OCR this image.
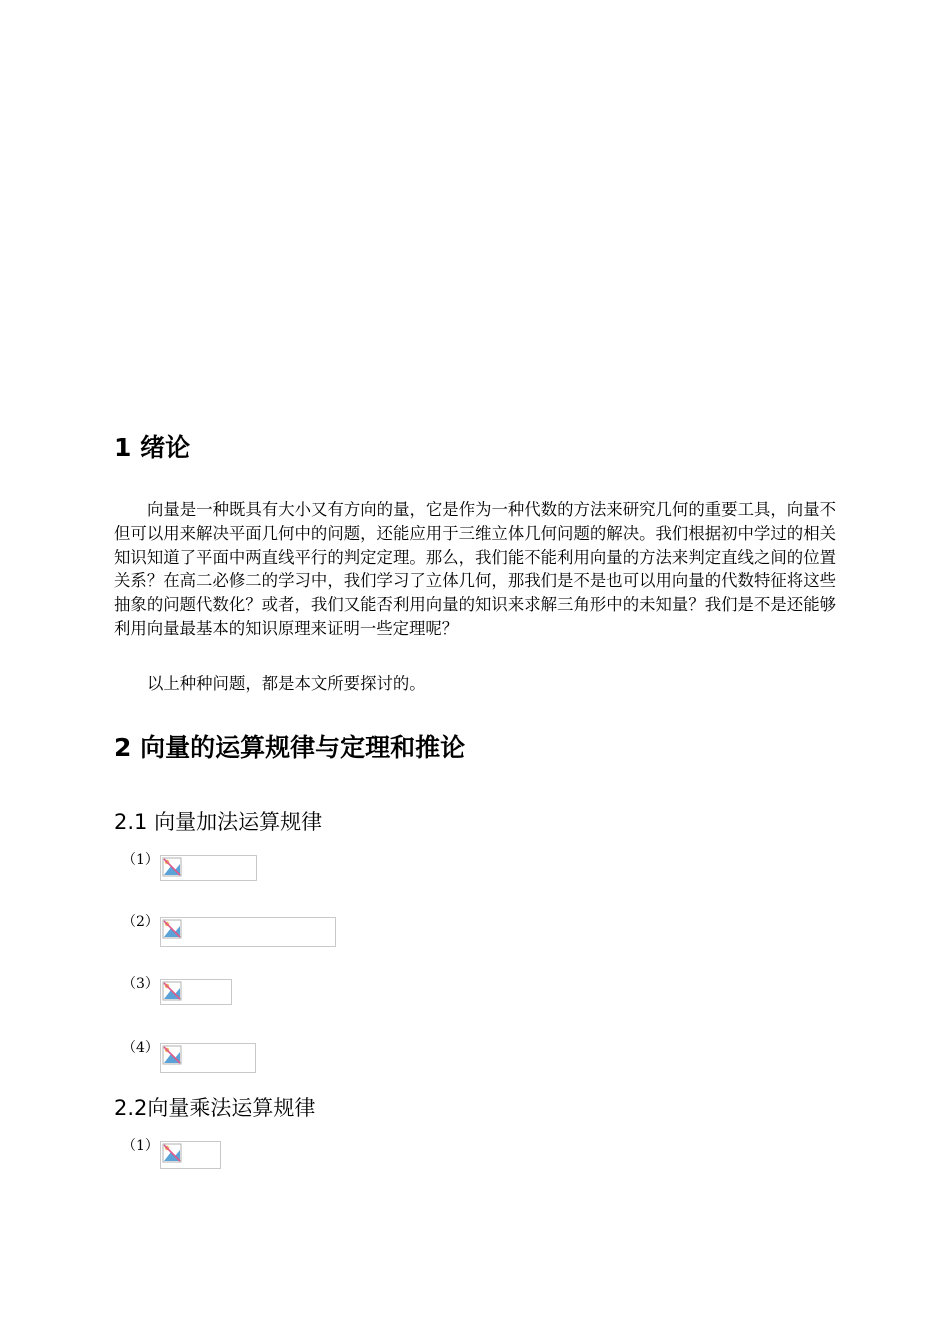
1 绪论

向量是一种既具有大小又有方向的量，它是作为一种代数的方法来研究几何的重要工具，向量不但可以用来解决平面几何中的问题，还能应用于三维立体几何问题的解决。我们根据初中学过的相关知识知道了平面中两直线平行的判定定理。那么，我们能不能利用向量的方法来判定直线之间的位置关系？在高二必修二的学习中，我们学习了立体几何，那我们是不是也可以用向量的代数特征将这些抽象的问题代数化？或者，我们又能否利用向量的知识来求解三角形中的未知量？我们是不是还能够利用向量最基本的知识原理来证明一些定理呢？

以上种种问题，都是本文所要探讨的。

2 向量的运算规律与定理和推论
2.1 向量加法运算规律
（1）
（2）
（3）
（4）
2.2向量乘法运算规律
（1）
